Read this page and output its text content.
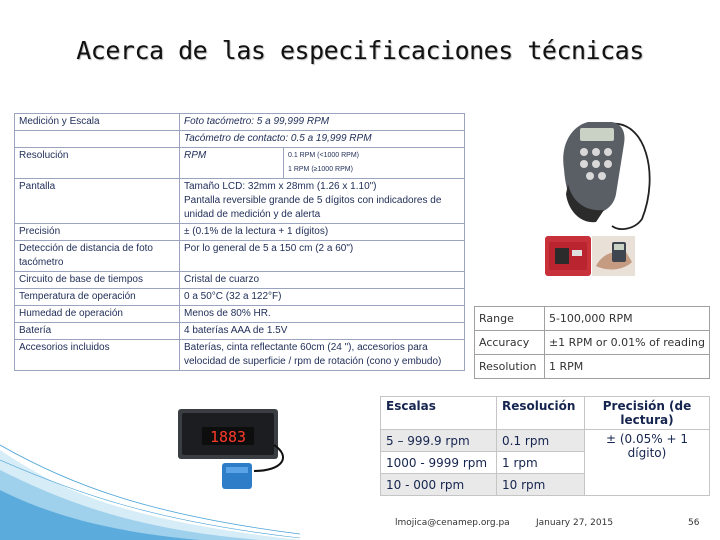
Acerca de las especificaciones técnicas
Medición y Escala	Foto tacómetro: 5 a 99,999 RPM	
	Tacómetro de contacto: 0.5 a 19,999 RPM	
Resolución	RPM	0.1 RPM (<1000 RPM)
1 RPM (≥1000 RPM)

Pantalla	Tamaño LCD: 32mm x 28mm (1.26 x 1.10")
Pantalla reversible grande de 5 dígitos con indicadores de unidad de medición y de alerta	

Precisión	± (0.1% de la lectura + 1 dígitos)	
Detección de distancia de foto tacómetro	Por lo general de 5 a 150 cm (2 a 60")	
Circuito de base de tiempos	Cristal de cuarzo	
Temperatura de operación	0 a 50°C (32 a 122°F)	
Humedad de operación	Menos de 80% HR.	
Batería	4 baterías AAA de 1.5V	
Accesorios incluidos	Baterías, cinta reflectante 60cm (24 "), accesorios para velocidad de superficie / rpm de rotación (cono y embudo)	
1883
Range	5-100,000 RPM
Accuracy	±1 RPM or 0.01% of reading
Resolution	1 RPM
Escalas	Resolución	Precisión (de lectura)
5 – 999.9 rpm	0.1 rpm	± (0.05% + 1 dígito)
1000 - 9999 rpm	1 rpm	
10 - 000 rpm	10 rpm	
lmojica@cenamep.org.pa	January 27, 2015	56
